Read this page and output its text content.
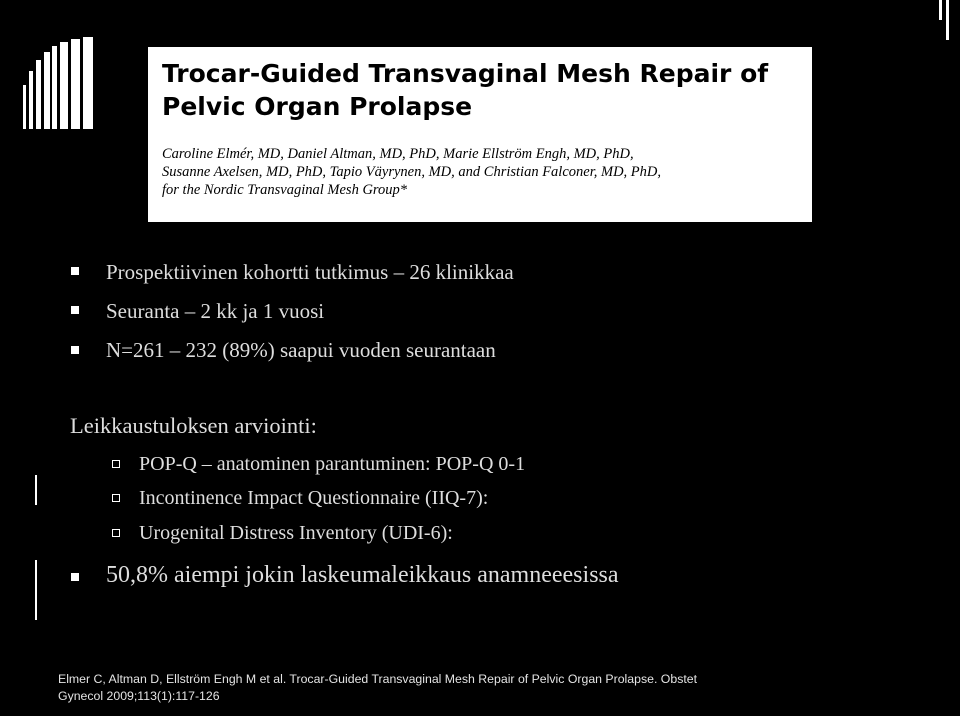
Trocar-Guided Transvaginal Mesh Repair of
Pelvic Organ Prolapse
Caroline Elmér, MD, Daniel Altman, MD, PhD, Marie Ellström Engh, MD, PhD,
Susanne Axelsen, MD, PhD, Tapio Väyrynen, MD, and Christian Falconer, MD, PhD,
for the Nordic Transvaginal Mesh Group*
Prospektiivinen kohortti tutkimus – 26 klinikkaa
Seuranta – 2 kk ja 1 vuosi
N=261 – 232 (89%) saapui vuoden seurantaan
Leikkaustuloksen arviointi:
POP-Q – anatominen parantuminen: POP-Q 0-1
Incontinence Impact Questionnaire (IIQ-7):
Urogenital Distress Inventory (UDI-6):
50,8% aiempi jokin laskeumaleikkaus anamneeesissa
Elmer C, Altman D, Ellström Engh M et al. Trocar-Guided Transvaginal Mesh Repair of Pelvic Organ Prolapse. Obstet
Gynecol 2009;113(1):117-126
